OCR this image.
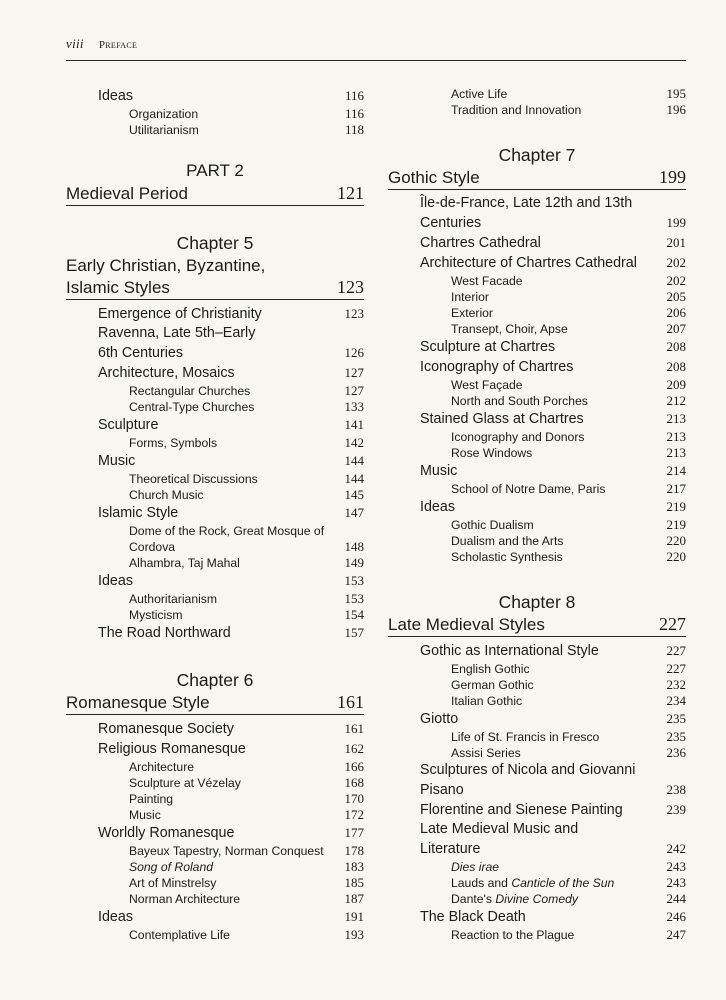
viii Preface
Ideas	116
Organization	116
Utilitarianism	118
PART 2
Medieval Period	121
Chapter 5
Early Christian, Byzantine,
Islamic Styles	123
Emergence of Christianity	123
Ravenna, Late 5th–Early
6th Centuries	126
Architecture, Mosaics	127
Rectangular Churches	127
Central-Type Churches	133
Sculpture	141
Forms, Symbols	142
Music	144
Theoretical Discussions	144
Church Music	145
Islamic Style	147
Dome of the Rock, Great Mosque of
Cordova	148
Alhambra, Taj Mahal	149
Ideas	153
Authoritarianism	153
Mysticism	154
The Road Northward	157
Chapter 6
Romanesque Style	161
Romanesque Society	161
Religious Romanesque	162
Architecture	166
Sculpture at Vézelay	168
Painting	170
Music	172
Worldly Romanesque	177
Bayeux Tapestry, Norman Conquest 178
Song of Roland	183
Art of Minstrelsy	185
Norman Architecture	187
Ideas	191
Contemplative Life	193
Active Life	195
Tradition and Innovation	196
Chapter 7
Gothic Style	199
Île-de-France, Late 12th and 13th
Centuries	199
Chartres Cathedral	201
Architecture of Chartres Cathedral 202
West Facade	202
Interior	205
Exterior	206
Transept, Choir, Apse	207
Sculpture at Chartres	208
Iconography of Chartres	208
West Façade	209
North and South Porches	212
Stained Glass at Chartres	213
Iconography and Donors	213
Rose Windows	213
Music	214
School of Notre Dame, Paris	217
Ideas	219
Gothic Dualism	219
Dualism and the Arts	220
Scholastic Synthesis	220
Chapter 8
Late Medieval Styles	227
Gothic as International Style	227
English Gothic	227
German Gothic	232
Italian Gothic	234
Giotto	235
Life of St. Francis in Fresco	235
Assisi Series	236
Sculptures of Nicola and Giovanni
Pisano	238
Florentine and Sienese Painting	239
Late Medieval Music and
Literature	242
Dies irae	243
Lauds and Canticle of the Sun	243
Dante's Divine Comedy	244
The Black Death	246
Reaction to the Plague	247
